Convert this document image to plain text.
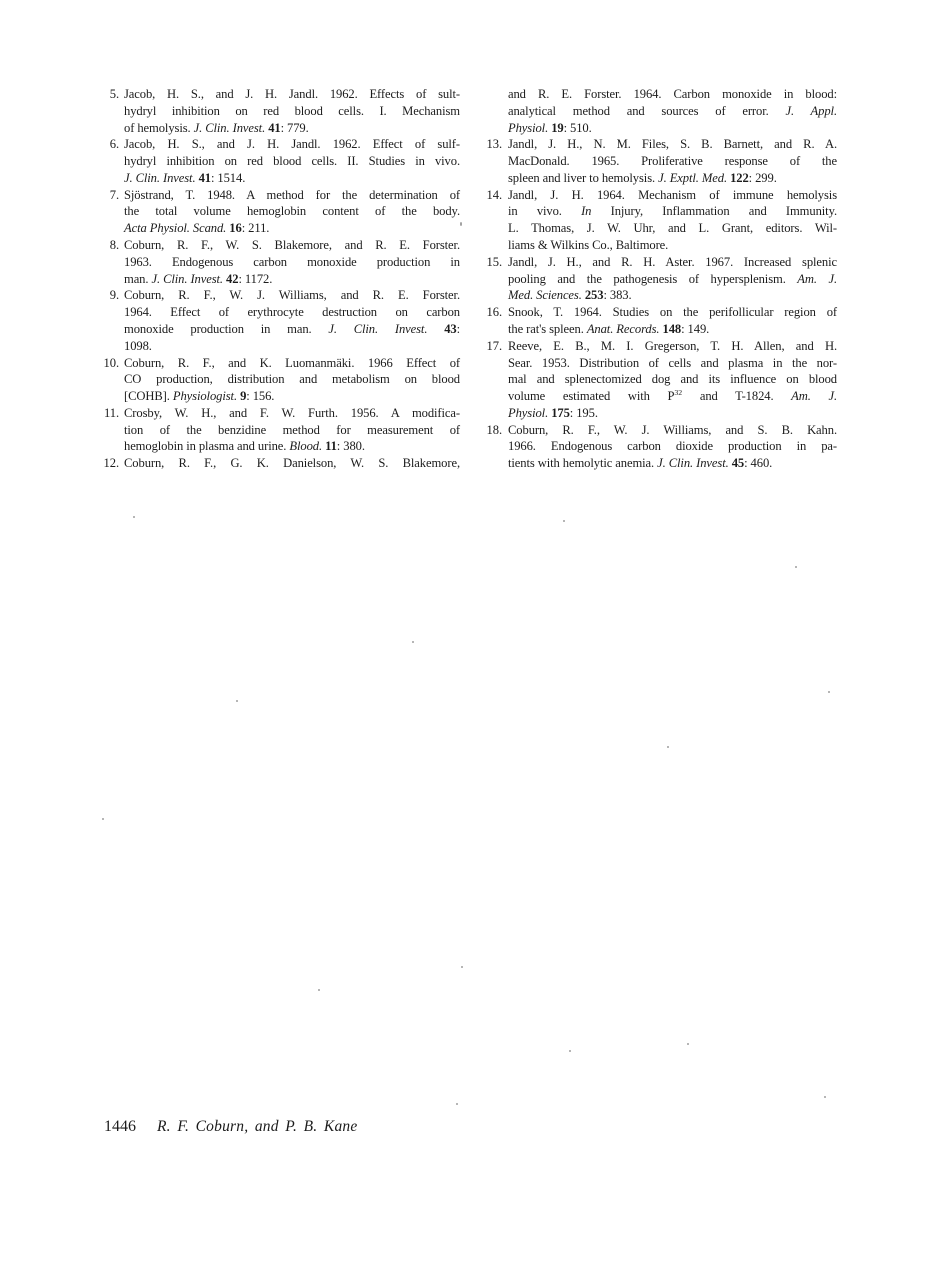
5. Jacob, H. S., and J. H. Jandl. 1962. Effects of sult-
hydryl inhibition on red blood cells. I. Mechanism
of hemolysis. J. Clin. Invest. 41: 779.
6. Jacob, H. S., and J. H. Jandl. 1962. Effect of sulf-
hydryl inhibition on red blood cells. II. Studies in vivo.
J. Clin. Invest. 41: 1514.
7. Sjöstrand, T. 1948. A method for the determination of
the total volume hemoglobin content of the body.
Acta Physiol. Scand. 16: 211.
8. Coburn, R. F., W. S. Blakemore, and R. E. Forster.
1963. Endogenous carbon monoxide production in
man. J. Clin. Invest. 42: 1172.
9. Coburn, R. F., W. J. Williams, and R. E. Forster.
1964. Effect of erythrocyte destruction on carbon
monoxide production in man. J. Clin. Invest. 43:
1098.
10. Coburn, R. F., and K. Luomanmäki. 1966 Effect of
CO production, distribution and metabolism on blood
[COHB]. Physiologist. 9: 156.
11. Crosby, W. H., and F. W. Furth. 1956. A modifica-
tion of the benzidine method for measurement of
hemoglobin in plasma and urine. Blood. 11: 380.
12. Coburn, R. F., G. K. Danielson, W. S. Blakemore,
and R. E. Forster. 1964. Carbon monoxide in blood:
analytical method and sources of error. J. Appl.
Physiol. 19: 510.
13. Jandl, J. H., N. M. Files, S. B. Barnett, and R. A.
MacDonald. 1965. Proliferative response of the
spleen and liver to hemolysis. J. Exptl. Med. 122: 299.
14. Jandl, J. H. 1964. Mechanism of immune hemolysis
in vivo. In Injury, Inflammation and Immunity.
L. Thomas, J. W. Uhr, and L. Grant, editors. Wil-
liams & Wilkins Co., Baltimore.
15. Jandl, J. H., and R. H. Aster. 1967. Increased splenic
pooling and the pathogenesis of hypersplenism. Am. J.
Med. Sciences. 253: 383.
16. Snook, T. 1964. Studies on the perifollicular region of
the rat's spleen. Anat. Records. 148: 149.
17. Reeve, E. B., M. I. Gregerson, T. H. Allen, and H.
Sear. 1953. Distribution of cells and plasma in the nor-
mal and splenectomized dog and its influence on blood
volume estimated with $P^{32}$ and T-1824. Am. J.
Physiol. 175: 195.
18. Coburn, R. F., W. J. Williams, and S. B. Kahn.
1966. Endogenous carbon dioxide production in pa-
tients with hemolytic anemia. J. Clin. Invest. 45: 460.
1446 R. F. Coburn, and P. B. Kane
